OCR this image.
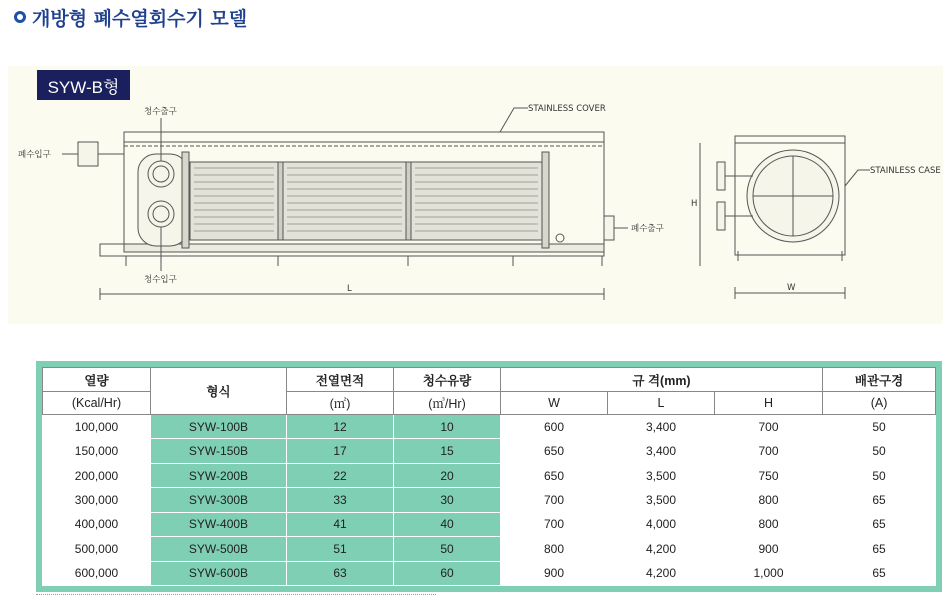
개방형 폐수열회수기 모델
청수출구
청수입구
폐수입구
폐수출구
STAINLESS COVER
STAINLESS CASE
L
H
W
SYW-B형
열량	형식	전열면적	청수유량	규 격(mm)			배관구경
(Kcal/Hr)		(㎡)	(㎥/Hr)	W	L	H	(A)
100,000	SYW-100B	12	10	600	3,400	700	50
150,000	SYW-150B	17	15	650	3,400	700	50
200,000	SYW-200B	22	20	650	3,500	750	50
300,000	SYW-300B	33	30	700	3,500	800	65
400,000	SYW-400B	41	40	700	4,000	800	65
500,000	SYW-500B	51	50	800	4,200	900	65
600,000	SYW-600B	63	60	900	4,200	1,000	65
